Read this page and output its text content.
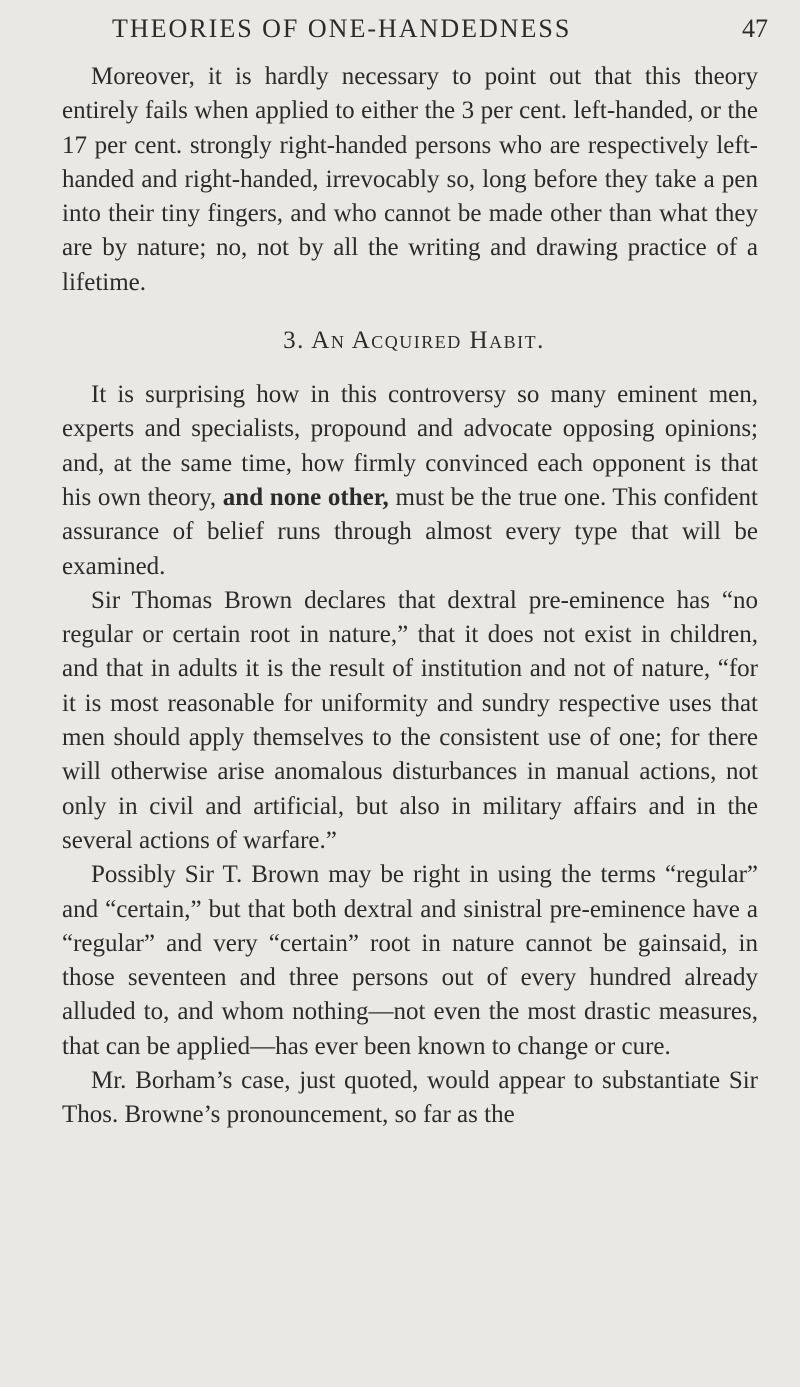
THEORIES OF ONE-HANDEDNESS	47

Moreover, it is hardly necessary to point out that this theory entirely fails when applied to either the 3 per cent. left-handed, or the 17 per cent. strongly right-handed persons who are respectively left-handed and right-handed, irrevocably so, long before they take a pen into their tiny fingers, and who cannot be made other than what they are by nature; no, not by all the writing and drawing practice of a lifetime.

3. An Acquired Habit.

It is surprising how in this controversy so many eminent men, experts and specialists, propound and advocate opposing opinions; and, at the same time, how firmly convinced each opponent is that his own theory, and none other, must be the true one. This confident assurance of belief runs through almost every type that will be examined.

Sir Thomas Brown declares that dextral pre-eminence has “no regular or certain root in nature,” that it does not exist in children, and that in adults it is the result of institution and not of nature, “for it is most reasonable for uniformity and sundry respective uses that men should apply themselves to the consistent use of one; for there will otherwise arise anomalous disturbances in manual actions, not only in civil and artificial, but also in military affairs and in the several actions of warfare.”

Possibly Sir T. Brown may be right in using the terms “regular” and “certain,” but that both dextral and sinistral pre-eminence have a “regular” and very “certain” root in nature cannot be gainsaid, in those seventeen and three persons out of every hundred already alluded to, and whom nothing—not even the most drastic measures, that can be applied—has ever been known to change or cure.

Mr. Borham’s case, just quoted, would appear to substantiate Sir Thos. Browne’s pronouncement, so far as the
